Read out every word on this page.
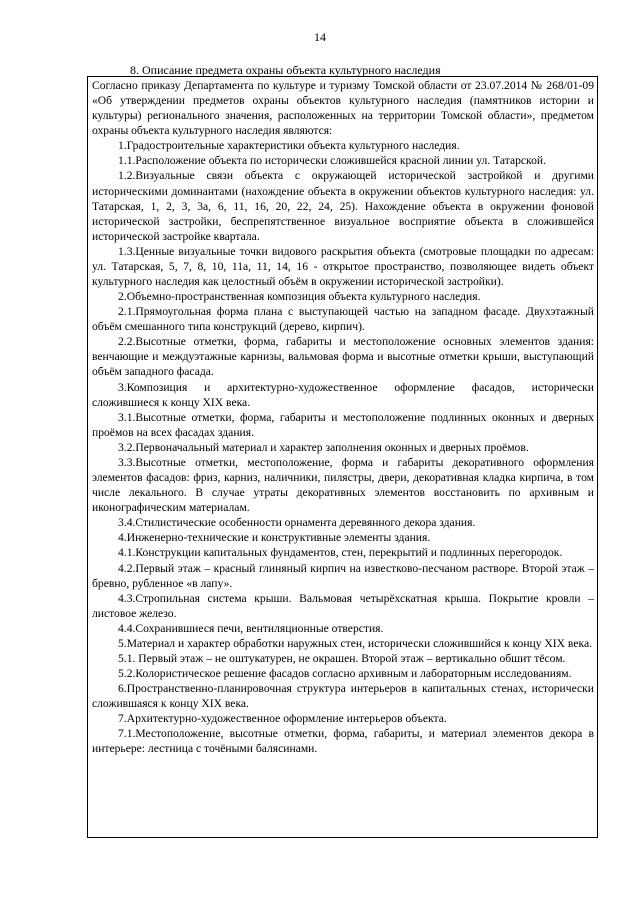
14
8. Описание предмета охраны объекта культурного наследия

Согласно приказу Департамента по культуре и туризму Томской области от 23.07.2014 № 268/01-09 «Об утверждении предметов охраны объектов культурного наследия (памятников истории и культуры) регионального значения, расположенных на территории Томской области», предметом охраны объекта культурного наследия являются:

1.Градостроительные характеристики объекта культурного наследия.

1.1.Расположение объекта по исторически сложившейся красной линии ул. Татарской.

1.2.Визуальные связи объекта с окружающей исторической застройкой и другими историческими доминантами (нахождение объекта в окружении объектов культурного наследия: ул. Татарская, 1, 2, 3, 3а, 6, 11, 16, 20, 22, 24, 25). Нахождение объекта в окружении фоновой исторической застройки, беспрепятственное визуальное восприятие объекта в сложившейся исторической застройке квартала.

1.3.Ценные визуальные точки видового раскрытия объекта (смотровые площадки по адресам: ул. Татарская, 5, 7, 8, 10, 11а, 11, 14, 16 - открытое пространство, позволяющее видеть объект культурного наследия как целостный объём в окружении исторической застройки).

2.Объемно-пространственная композиция объекта культурного наследия.

2.1.Прямоугольная форма плана с выступающей частью на западном фасаде. Двухэтажный объём смешанного типа конструкций (дерево, кирпич).

2.2.Высотные отметки, форма, габариты и местоположение основных элементов здания: венчающие и междуэтажные карнизы, вальмовая форма и высотные отметки крыши, выступающий объём западного фасада.

3.Композиция и архитектурно-художественное оформление фасадов, исторически сложившиеся к концу XIX века.

3.1.Высотные отметки, форма, габариты и местоположение подлинных оконных и дверных проёмов на всех фасадах здания.

3.2.Первоначальный материал и характер заполнения оконных и дверных проёмов.

3.3.Высотные отметки, местоположение, форма и габариты декоративного оформления элементов фасадов: фриз, карниз, наличники, пилястры, двери, декоративная кладка кирпича, в том числе лекального. В случае утраты декоративных элементов восстановить по архивным и иконографическим материалам.

3.4.Стилистические особенности орнамента деревянного декора здания.

4.Инженерно-технические и конструктивные элементы здания.

4.1.Конструкции капитальных фундаментов, стен, перекрытий и подлинных перегородок.

4.2.Первый этаж – красный глиняный кирпич на известково-песчаном растворе. Второй этаж – бревно, рубленное «в лапу».

4.3.Стропильная система крыши. Вальмовая четырёхскатная крыша. Покрытие кровли – листовое железо.

4.4.Сохранившиеся печи, вентиляционные отверстия.

5.Материал и характер обработки наружных стен, исторически сложившийся к концу XIX века.

5.1. Первый этаж – не оштукатурен, не окрашен. Второй этаж – вертикально обшит тёсом.

5.2.Колористическое решение фасадов согласно архивным и лабораторным исследованиям.

6.Пространственно-планировочная структура интерьеров в капитальных стенах, исторически сложившаяся к концу XIX века.

7.Архитектурно-художественное оформление интерьеров объекта.

7.1.Местоположение, высотные отметки, форма, габариты, и материал элементов декора в интерьере: лестница с точёными балясинами.
